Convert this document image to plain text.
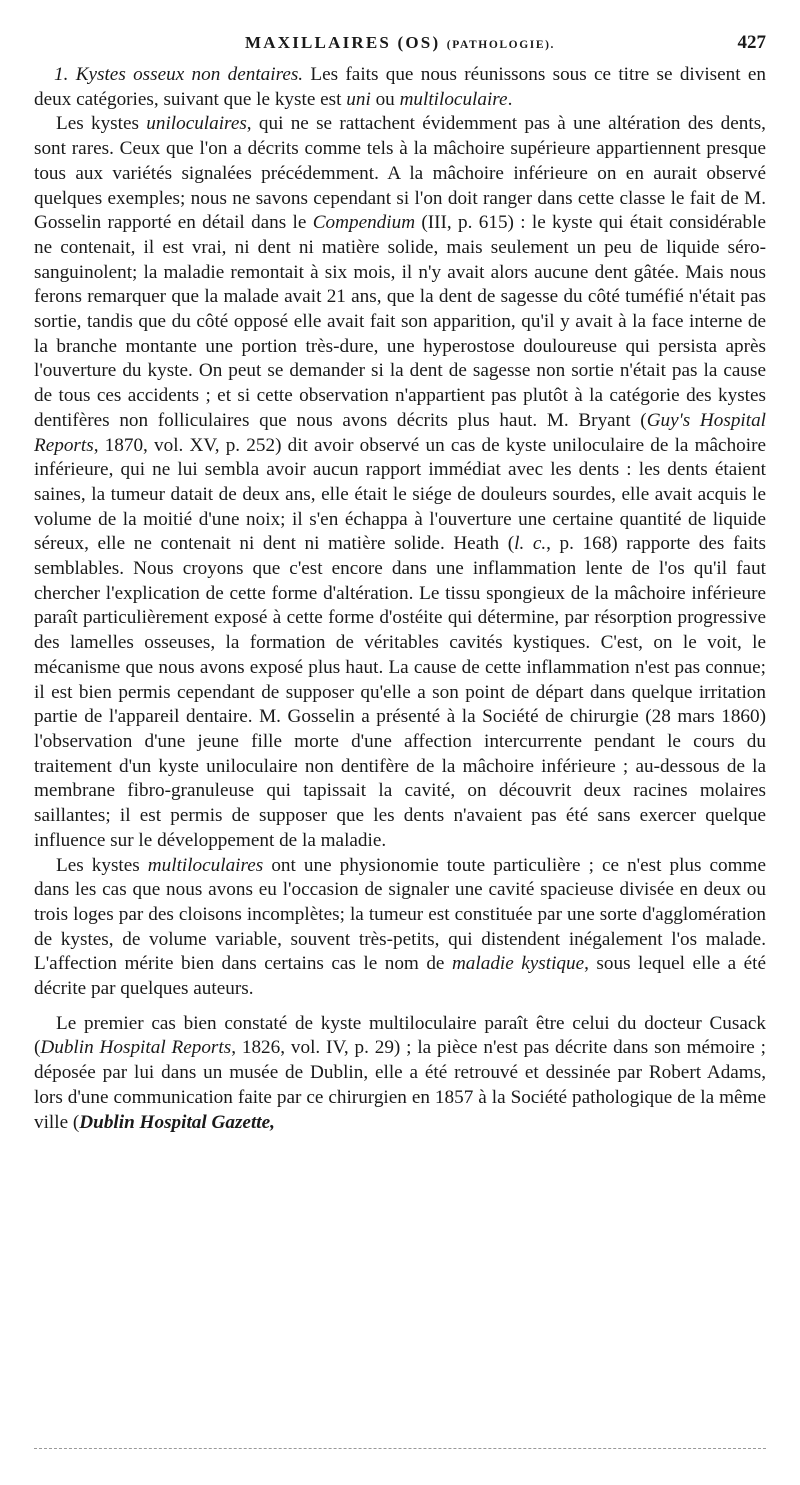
MAXILLAIRES (OS) (PATHOLOGIE).	427

1. Kystes osseux non dentaires. Les faits que nous réunissons sous ce titre se divisent en deux catégories, suivant que le kyste est uni ou multiloculaire.

Les kystes uniloculaires, qui ne se rattachent évidemment pas à une altération des dents, sont rares. Ceux que l'on a décrits comme tels à la mâchoire supérieure appartiennent presque tous aux variétés signalées précédemment. A la mâchoire inférieure on en aurait observé quelques exemples; nous ne savons cependant si l'on doit ranger dans cette classe le fait de M. Gosselin rapporté en détail dans le Compendium (III, p. 615) : le kyste qui était considérable ne contenait, il est vrai, ni dent ni matière solide, mais seulement un peu de liquide séro-sanguinolent; la maladie remontait à six mois, il n'y avait alors aucune dent gâtée. Mais nous ferons remarquer que la malade avait 21 ans, que la dent de sagesse du côté tuméfié n'était pas sortie, tandis que du côté opposé elle avait fait son apparition, qu'il y avait à la face interne de la branche montante une portion très-dure, une hyperostose douloureuse qui persista après l'ouverture du kyste. On peut se demander si la dent de sagesse non sortie n'était pas la cause de tous ces accidents ; et si cette observation n'appartient pas plutôt à la catégorie des kystes dentifères non folliculaires que nous avons décrits plus haut. M. Bryant (Guy's Hospital Reports, 1870, vol. XV, p. 252) dit avoir observé un cas de kyste uniloculaire de la mâchoire inférieure, qui ne lui sembla avoir aucun rapport immédiat avec les dents : les dents étaient saines, la tumeur datait de deux ans, elle était le siége de douleurs sourdes, elle avait acquis le volume de la moitié d'une noix; il s'en échappa à l'ouverture une certaine quantité de liquide séreux, elle ne contenait ni dent ni matière solide. Heath (l. c., p. 168) rapporte des faits semblables. Nous croyons que c'est encore dans une inflammation lente de l'os qu'il faut chercher l'explication de cette forme d'altération. Le tissu spongieux de la mâchoire inférieure paraît particulièrement exposé à cette forme d'ostéite qui détermine, par résorption progressive des lamelles osseuses, la formation de véritables cavités kystiques. C'est, on le voit, le mécanisme que nous avons exposé plus haut. La cause de cette inflammation n'est pas connue; il est bien permis cependant de supposer qu'elle a son point de départ dans quelque irritation partie de l'appareil dentaire. M. Gosselin a présenté à la Société de chirurgie (28 mars 1860) l'observation d'une jeune fille morte d'une affection intercurrente pendant le cours du traitement d'un kyste uniloculaire non dentifère de la mâchoire inférieure ; au-dessous de la membrane fibro-granuleuse qui tapissait la cavité, on découvrit deux racines molaires saillantes; il est permis de supposer que les dents n'avaient pas été sans exercer quelque influence sur le développement de la maladie.

Les kystes multiloculaires ont une physionomie toute particulière ; ce n'est plus comme dans les cas que nous avons eu l'occasion de signaler une cavité spacieuse divisée en deux ou trois loges par des cloisons incomplètes; la tumeur est constituée par une sorte d'agglomération de kystes, de volume variable, souvent très-petits, qui distendent inégalement l'os malade. L'affection mérite bien dans certains cas le nom de maladie kystique, sous lequel elle a été décrite par quelques auteurs.

Le premier cas bien constaté de kyste multiloculaire paraît être celui du docteur Cusack (Dublin Hospital Reports, 1826, vol. IV, p. 29) ; la pièce n'est pas décrite dans son mémoire ; déposée par lui dans un musée de Dublin, elle a été retrouvé et dessinée par Robert Adams, lors d'une communication faite par ce chirurgien en 1857 à la Société pathologique de la même ville (Dublin Hospital Gazette,
